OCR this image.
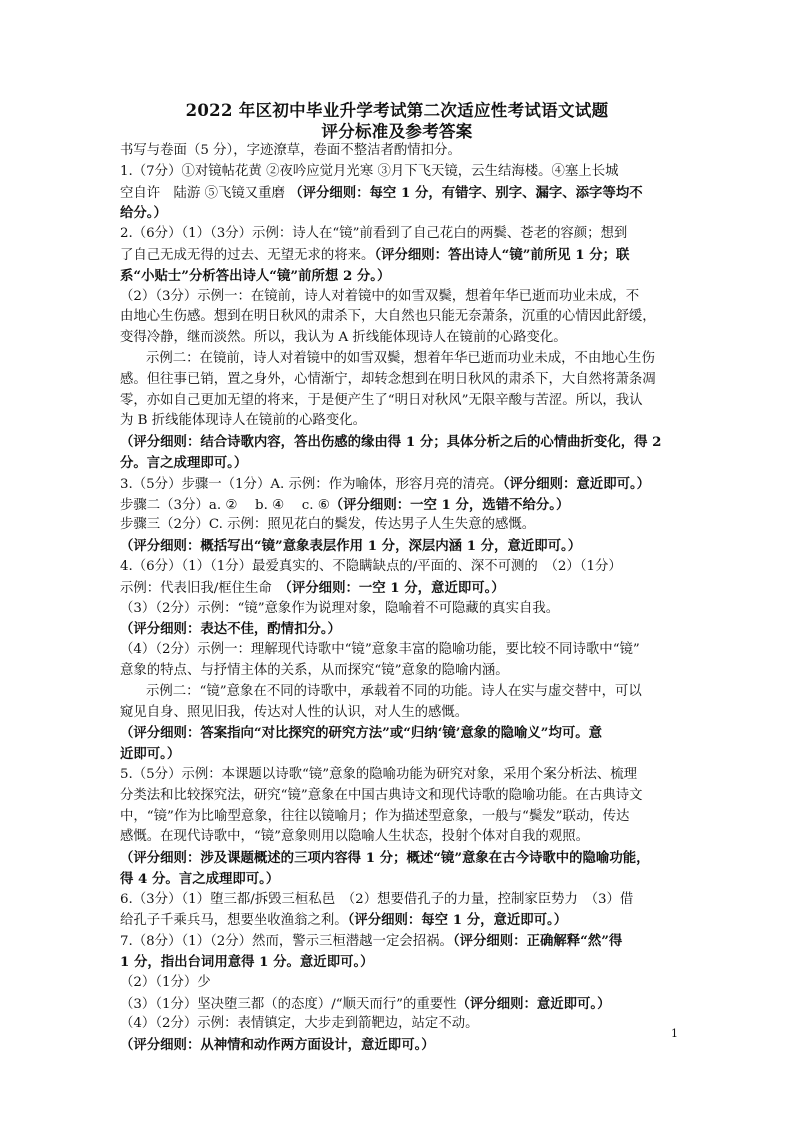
2022 年区初中毕业升学考试第二次适应性考试语文试题
评分标准及参考答案
书写与卷面（5 分），字迹潦草，卷面不整洁者酌情扣分。
1.（7分）①对镜帖花黄 ②夜吟应觉月光寒 ③月下飞天镜，云生结海楼。④塞上长城
空自许　陆游 ⑤飞镜又重磨 （评分细则：每空 1 分，有错字、别字、漏字、添字等均不
给分。）
2.（6分）（1）（3分）示例：诗人在“镜”前看到了自己花白的两鬓、苍老的容颜；想到
了自己无成无得的过去、无望无求的将来。（评分细则：答出诗人“镜”前所见 1 分；联
系“小贴士”分析答出诗人“镜”前所想 2 分。）
（2）（3分）示例一：在镜前，诗人对着镜中的如雪双鬓，想着年华已逝而功业未成，不
由地心生伤感。想到在明日秋风的肃杀下，大自然也只能无奈萧条，沉重的心情因此舒缓，
变得冷静，继而淡然。所以，我认为 A 折线能体现诗人在镜前的心路变化。
示例二：在镜前，诗人对着镜中的如雪双鬓，想着年华已逝而功业未成，不由地心生伤
感。但往事已销，置之身外，心情渐宁，却转念想到在明日秋风的肃杀下，大自然将萧条凋
零，亦如自己更加无望的将来，于是便产生了“明日对秋风”无限辛酸与苦涩。所以，我认
为 B 折线能体现诗人在镜前的心路变化。
（评分细则：结合诗歌内容，答出伤感的缘由得 1 分；具体分析之后的心情曲折变化，得 2
分。言之成理即可。）
3.（5分）步骤一（1分）A. 示例：作为喻体，形容月亮的清亮。（评分细则：意近即可。）
步骤二（3分）a. ②　 b. ④　 c. ⑥（评分细则：一空 1 分，选错不给分。）
步骤三（2分）C. 示例：照见花白的鬓发，传达男子人生失意的感慨。
（评分细则：概括写出“镜”意象表层作用 1 分，深层内涵 1 分，意近即可。）
4.（6分）（1）（1分）最爱真实的、不隐瞒缺点的/平面的、深不可测的　（2）（1分）
示例：代表旧我/框住生命　（评分细则：一空 1 分，意近即可。）
（3）（2分）示例：“镜”意象作为说理对象，隐喻着不可隐藏的真实自我。
（评分细则：表达不佳，酌情扣分。）
（4）（2分）示例一：理解现代诗歌中“镜”意象丰富的隐喻功能，要比较不同诗歌中“镜”
意象的特点、与抒情主体的关系，从而探究“镜”意象的隐喻内涵。
示例二：“镜”意象在不同的诗歌中，承载着不同的功能。诗人在实与虚交替中，可以
窥见自身、照见旧我，传达对人性的认识，对人生的感慨。
（评分细则：答案指向“对比探究的研究方法”或“归纳‘镜’意象的隐喻义”均可。意
近即可。）
5.（5分）示例：本课题以诗歌“镜”意象的隐喻功能为研究对象，采用个案分析法、梳理
分类法和比较探究法，研究“镜”意象在中国古典诗文和现代诗歌的隐喻功能。在古典诗文
中，“镜”作为比喻型意象，往往以镜喻月；作为描述型意象，一般与“鬓发”联动，传达
感慨。在现代诗歌中，“镜”意象则用以隐喻人生状态，投射个体对自我的观照。
（评分细则：涉及课题概述的三项内容得 1 分；概述“镜”意象在古今诗歌中的隐喻功能，
得 4 分。言之成理即可。）
6.（3分）（1）堕三都/拆毁三桓私邑　（2）想要借孔子的力量，控制家臣势力　（3）借
给孔子千乘兵马，想要坐收渔翁之利。（评分细则：每空 1 分，意近即可。）
7.（8分）（1）（2分）然而，警示三桓潜越一定会招祸。（评分细则：正确解释“然”得
1 分，指出台词用意得 1 分。意近即可。）
（2）（1分）少
（3）（1分）坚决堕三都（的态度）/“顺天而行”的重要性（评分细则：意近即可。）
（4）（2分）示例：表情镇定，大步走到箭靶边，站定不动。
（评分细则：从神情和动作两方面设计，意近即可。）
1
